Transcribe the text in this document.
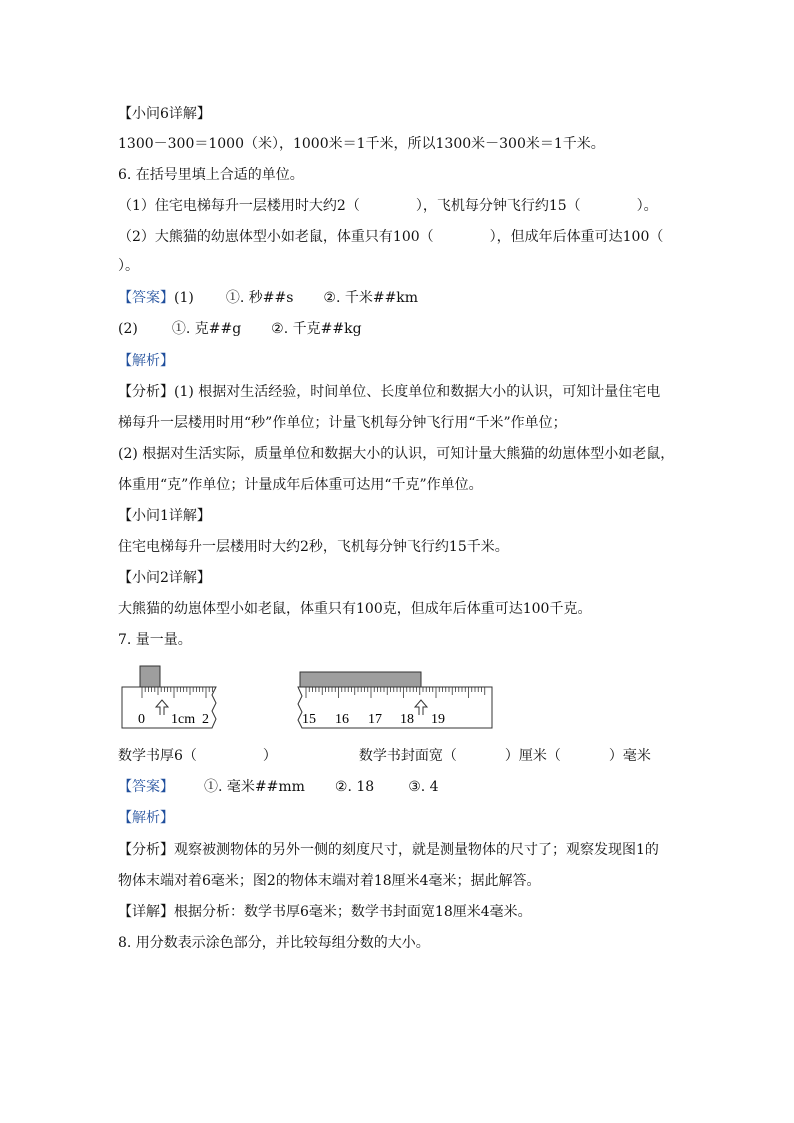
【小问6详解】
1300－300＝1000（米），1000米＝1千米，所以1300米－300米＝1千米。
6. 在括号里填上合适的单位。
（1）住宅电梯每升一层楼用时大约2（	），飞机每分钟飞行约15（	）。
（2）大熊猫的幼崽体型小如老鼠，体重只有100（	），但成年后体重可达100（
）。
【答案】(1) ①. 秒##s ②. 千米##km
(2) ①. 克##g ②. 千克##kg
【解析】
【分析】(1) 根据对生活经验，时间单位、长度单位和数据大小的认识，可知计量住宅电
梯每升一层楼用时用“秒”作单位；计量飞机每分钟飞行用“千米”作单位；
(2) 根据对生活实际，质量单位和数据大小的认识，可知计量大熊猫的幼崽体型小如老鼠，
体重用“克”作单位；计量成年后体重可达用“千克”作单位。
【小问1详解】
住宅电梯每升一层楼用时大约2秒，飞机每分钟飞行约15千米。
【小问2详解】
大熊猫的幼崽体型小如老鼠，体重只有100克，但成年后体重可达100千克。
7. 量一量。
0 1cm 2	15 16 17 18 19
数学书厚6（	）	数学书封面宽（	）厘米（	）毫米
【答案】 ①. 毫米##mm ②. 18 ③. 4
【解析】
【分析】观察被测物体的另外一侧的刻度尺寸，就是测量物体的尺寸了；观察发现图1的
物体末端对着6毫米；图2的物体末端对着18厘米4毫米；据此解答。
【详解】根据分析：数学书厚6毫米；数学书封面宽18厘米4毫米。
8. 用分数表示涂色部分，并比较每组分数的大小。
